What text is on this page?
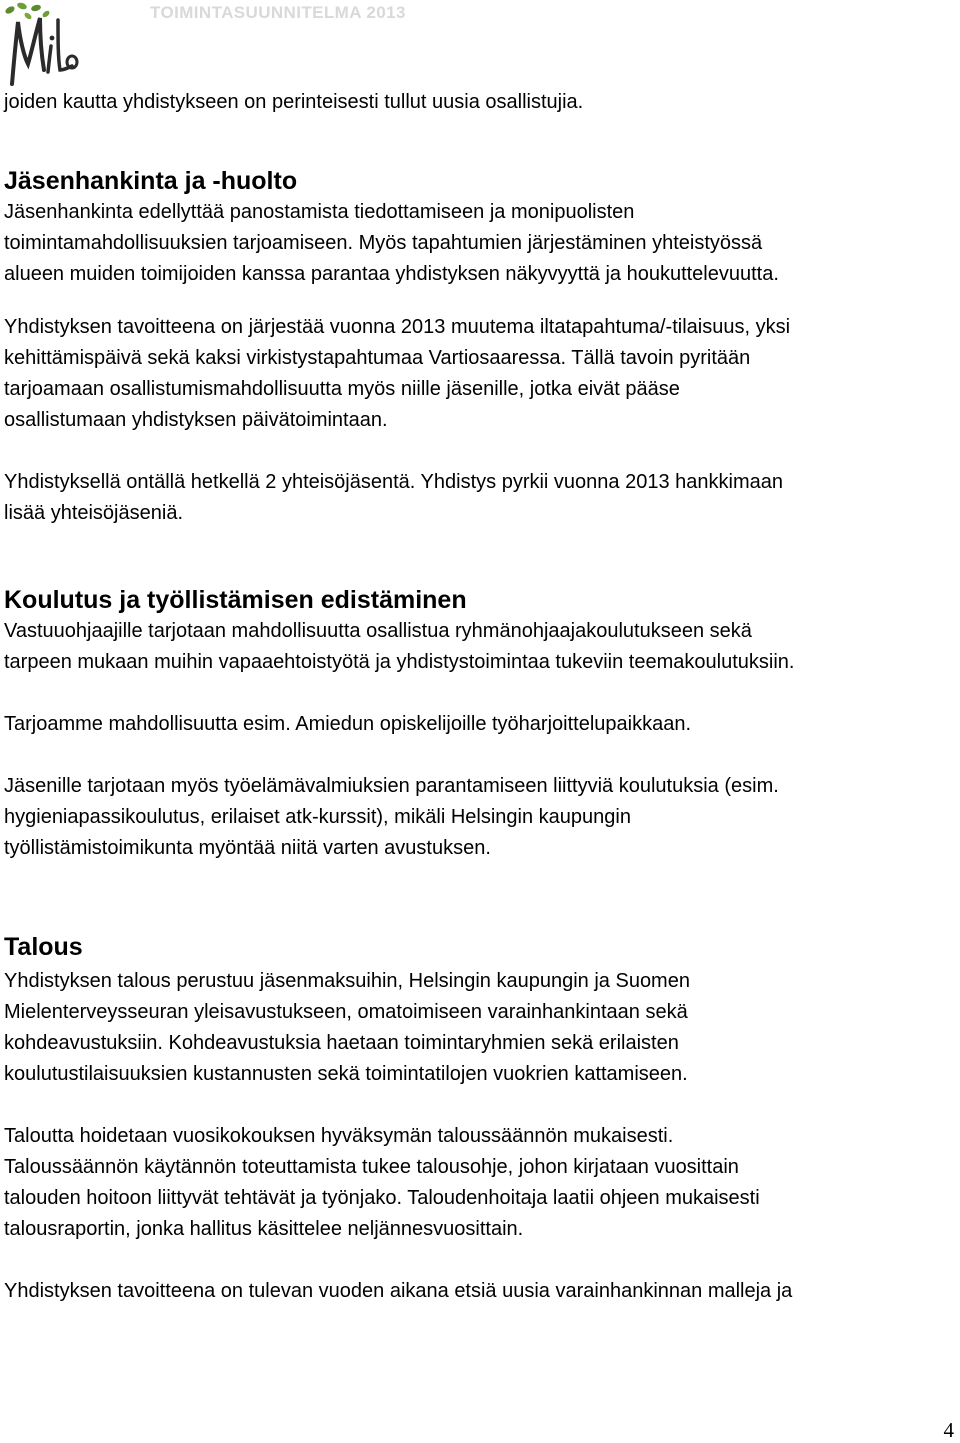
TOIMINTASUUNNITELMA 2013

joiden kautta yhdistykseen on perinteisesti tullut uusia osallistujia.

Jäsenhankinta ja -huolto

Jäsenhankinta edellyttää panostamista tiedottamiseen ja monipuolisten
toimintamahdollisuuksien tarjoamiseen. Myös tapahtumien järjestäminen yhteistyössä
alueen muiden toimijoiden kanssa parantaa yhdistyksen näkyvyyttä ja houkuttelevuutta.

Yhdistyksen tavoitteena on järjestää vuonna 2013 muutema iltatapahtuma/-tilaisuus, yksi
kehittämispäivä sekä kaksi virkistystapahtumaa Vartiosaaressa. Tällä tavoin pyritään
tarjoamaan osallistumismahdollisuutta myös niille jäsenille, jotka eivät pääse
osallistumaan yhdistyksen päivätoimintaan.

Yhdistyksellä ontällä hetkellä 2 yhteisöjäsentä. Yhdistys pyrkii vuonna 2013 hankkimaan
lisää yhteisöjäseniä.

Koulutus ja työllistämisen edistäminen

Vastuuohjaajille tarjotaan mahdollisuutta osallistua ryhmänohjaajakoulutukseen sekä
tarpeen mukaan muihin vapaaehtoistyötä ja yhdistystoimintaa tukeviin teemakoulutuksiin.

Tarjoamme mahdollisuutta esim. Amiedun opiskelijoille työharjoittelupaikkaan.

Jäsenille tarjotaan myös työelämävalmiuksien parantamiseen liittyviä koulutuksia (esim.
hygieniapassikoulutus, erilaiset atk-kurssit), mikäli Helsingin kaupungin
työllistämistoimikunta myöntää niitä varten avustuksen.

Talous

Yhdistyksen talous perustuu jäsenmaksuihin, Helsingin kaupungin ja Suomen
Mielenterveysseuran yleisavustukseen, omatoimiseen varainhankintaan sekä
kohdeavustuksiin. Kohdeavustuksia haetaan toimintaryhmien sekä erilaisten
koulutustilaisuuksien kustannusten sekä toimintatilojen vuokrien kattamiseen.

Taloutta hoidetaan vuosikokouksen hyväksymän taloussäännön mukaisesti.
Taloussäännön käytännön toteuttamista tukee talousohje, johon kirjataan vuosittain
talouden hoitoon liittyvät tehtävät ja työnjako. Taloudenhoitaja laatii ohjeen mukaisesti
talousraportin, jonka hallitus käsittelee neljännesvuosittain.

Yhdistyksen tavoitteena on tulevan vuoden aikana etsiä uusia varainhankinnan malleja ja

4
